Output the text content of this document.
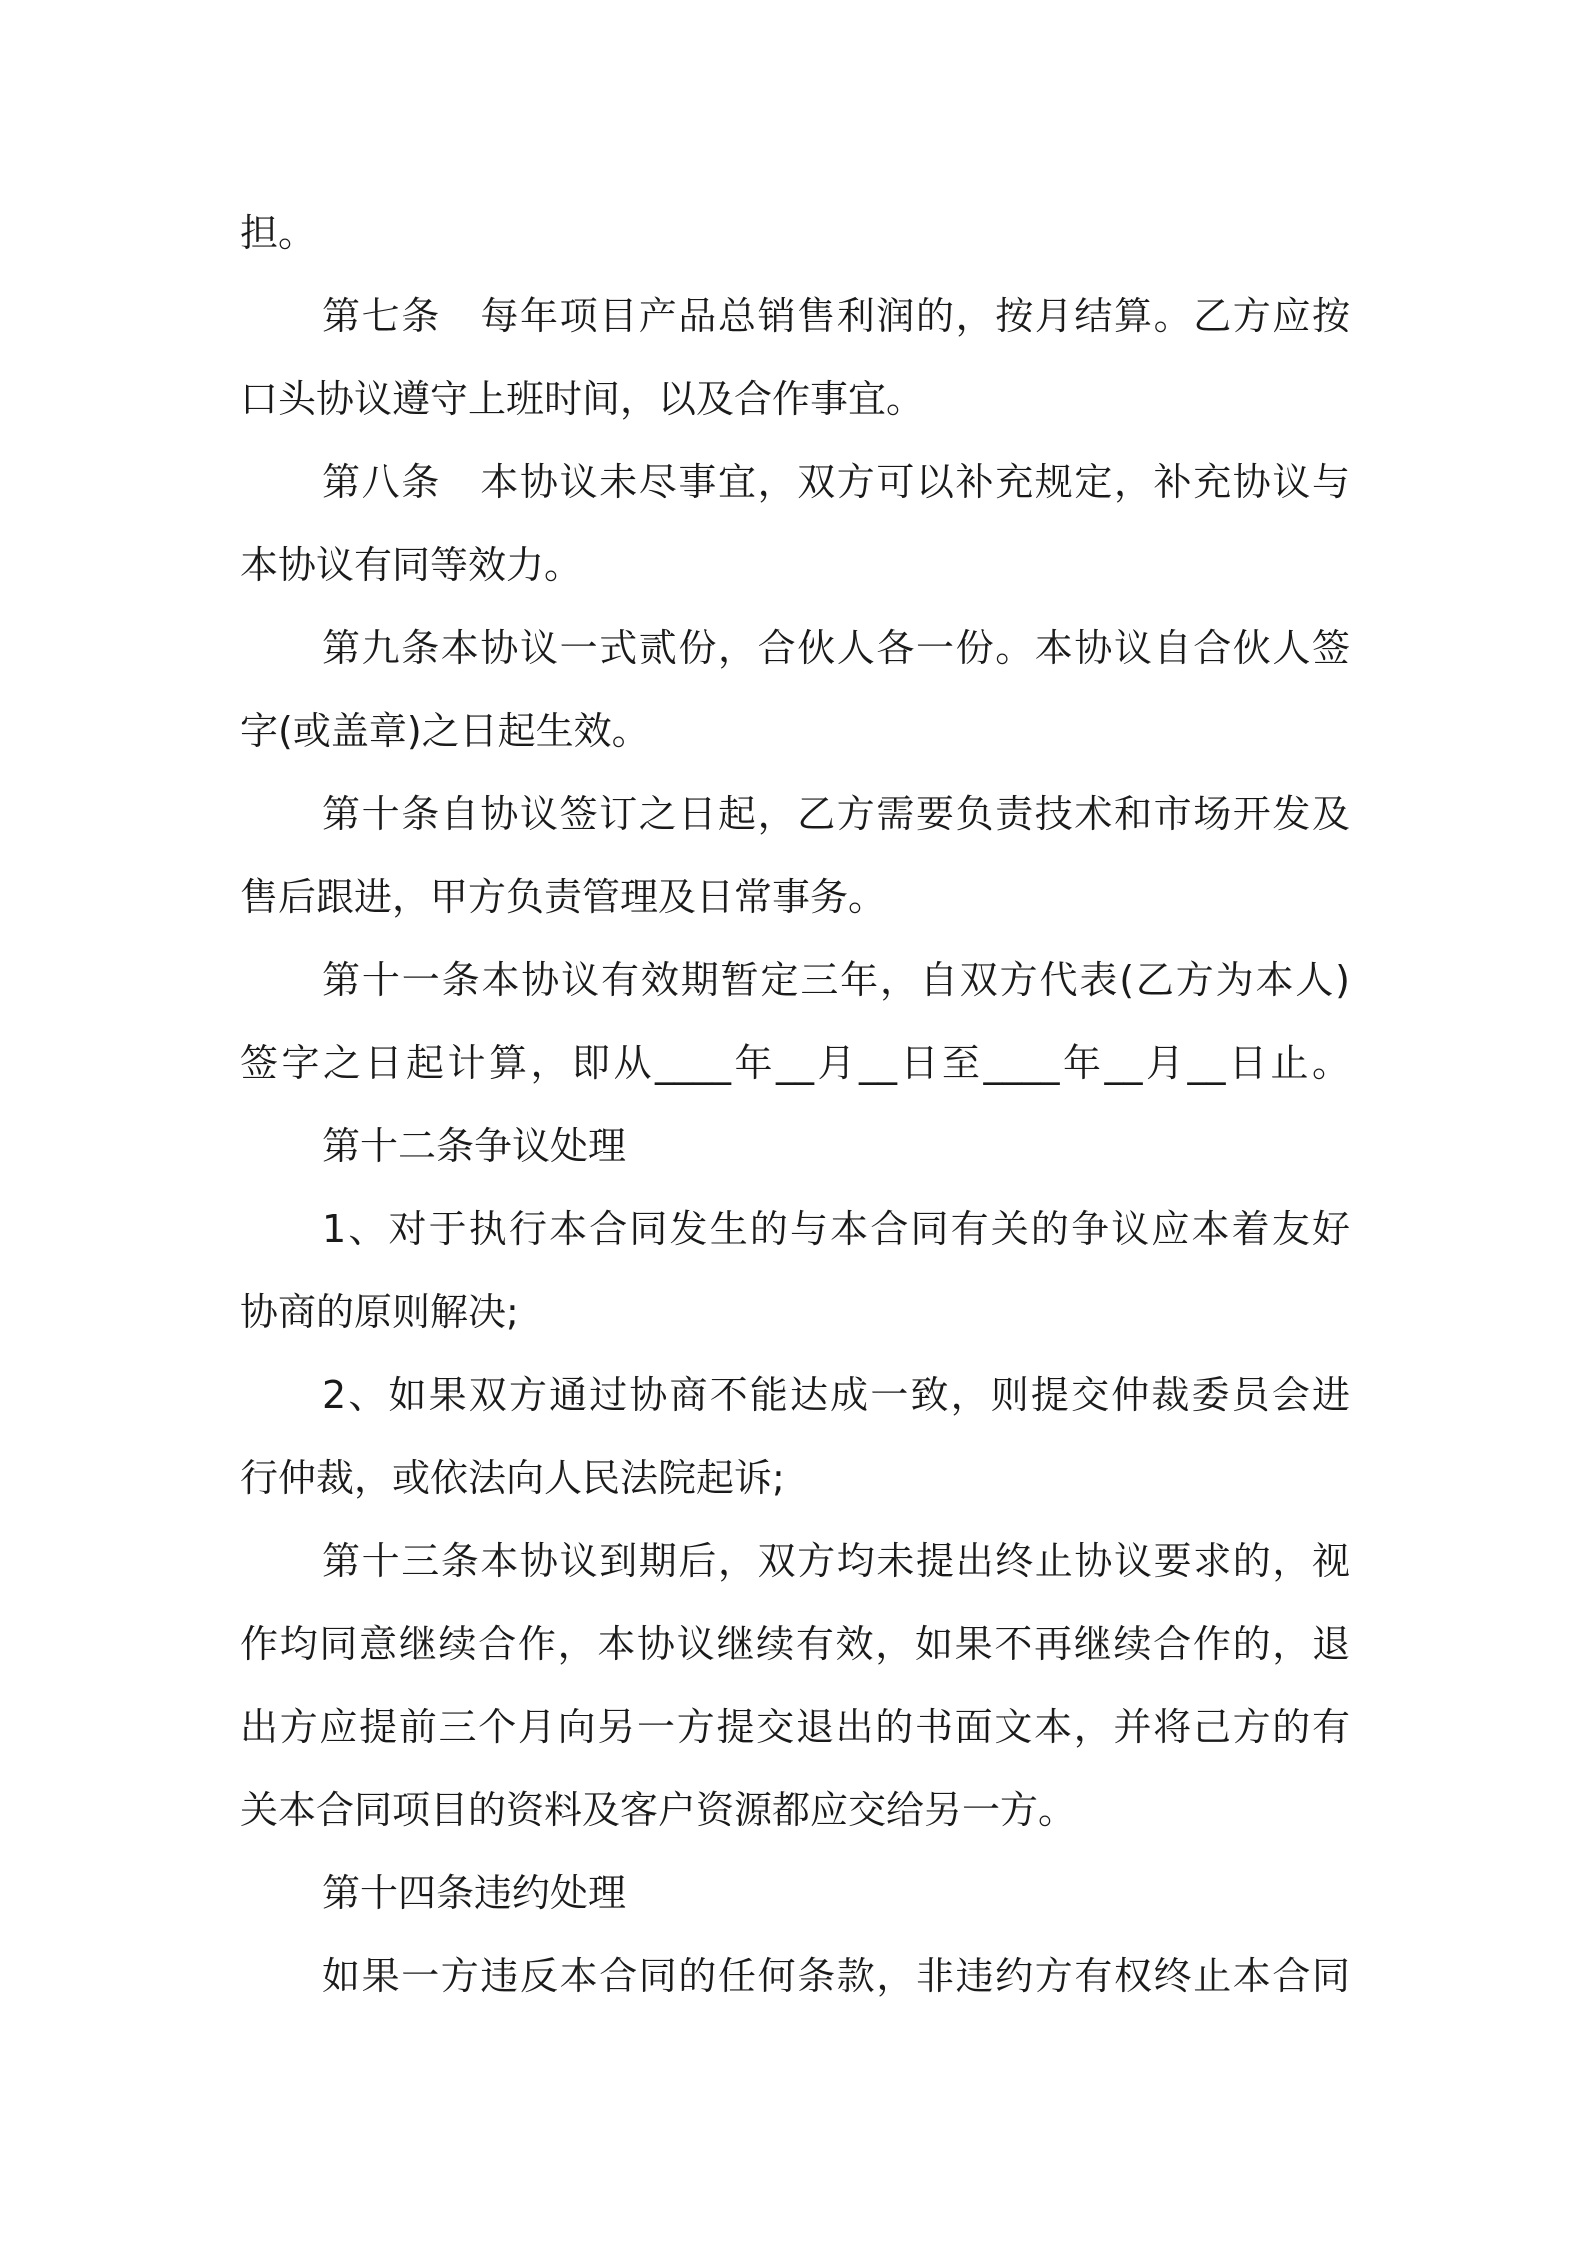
担。
第七条　每年项目产品总销售利润的，按月结算。乙方应按
口头协议遵守上班时间，以及合作事宜。
第八条　本协议未尽事宜，双方可以补充规定，补充协议与
本协议有同等效力。
第九条本协议一式贰份，合伙人各一份。本协议自合伙人签
字(或盖章)之日起生效。
第十条自协议签订之日起，乙方需要负责技术和市场开发及
售后跟进，甲方负责管理及日常事务。
第十一条本协议有效期暂定三年，自双方代表(乙方为本人)
签字之日起计算，即从____年__月__日至____年__月__日止。
第十二条争议处理
1、对于执行本合同发生的与本合同有关的争议应本着友好
协商的原则解决;
2、如果双方通过协商不能达成一致，则提交仲裁委员会进
行仲裁，或依法向人民法院起诉;
第十三条本协议到期后，双方均未提出终止协议要求的，视
作均同意继续合作，本协议继续有效，如果不再继续合作的，退
出方应提前三个月向另一方提交退出的书面文本，并将己方的有
关本合同项目的资料及客户资源都应交给另一方。
第十四条违约处理
如果一方违反本合同的任何条款，非违约方有权终止本合同
